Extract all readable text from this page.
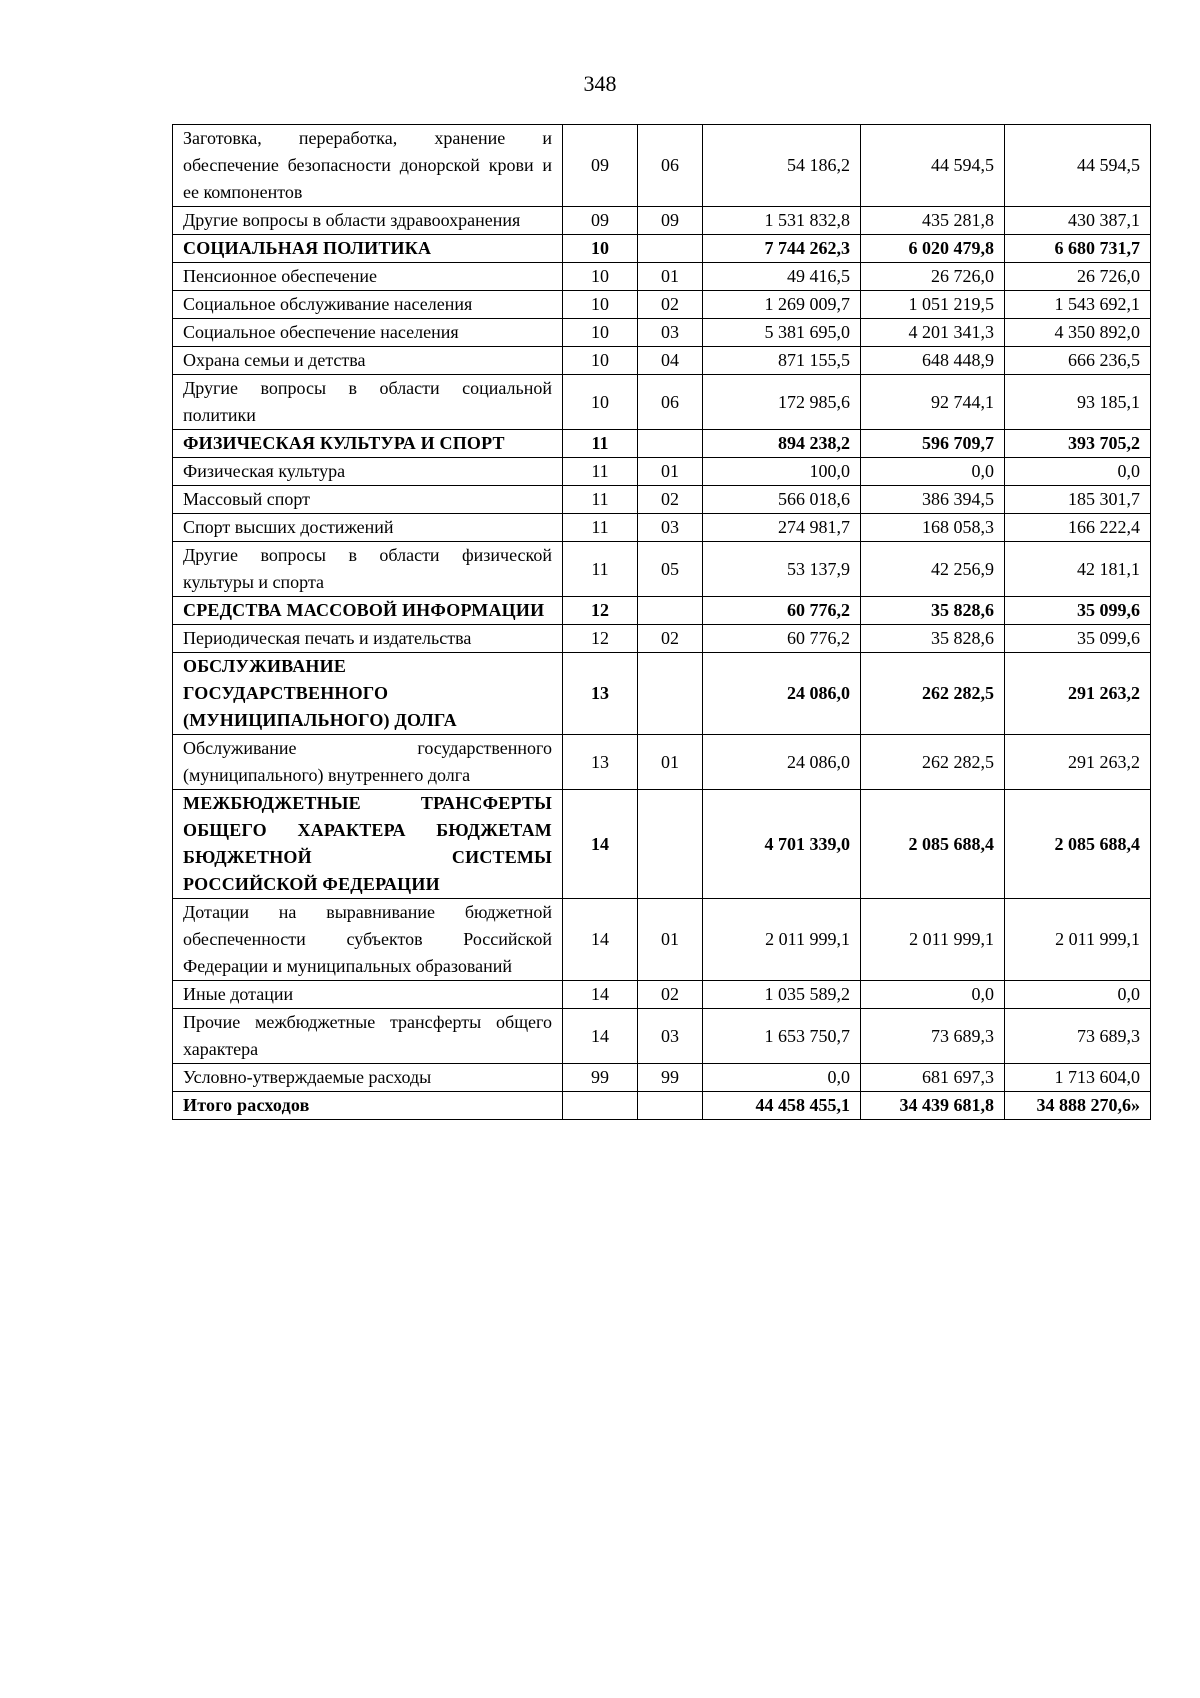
348
Заготовка, переработка, хранение и обеспечение безопасности донорской крови и ее компонентов	09	06	54 186,2	44 594,5	44 594,5
Другие вопросы в области здравоохранения	09	09	1 531 832,8	435 281,8	430 387,1
СОЦИАЛЬНАЯ ПОЛИТИКА	10		7 744 262,3	6 020 479,8	6 680 731,7
Пенсионное обеспечение	10	01	49 416,5	26 726,0	26 726,0
Социальное обслуживание населения	10	02	1 269 009,7	1 051 219,5	1 543 692,1
Социальное обеспечение населения	10	03	5 381 695,0	4 201 341,3	4 350 892,0
Охрана семьи и детства	10	04	871 155,5	648 448,9	666 236,5
Другие вопросы в области социальной политики	10	06	172 985,6	92 744,1	93 185,1
ФИЗИЧЕСКАЯ КУЛЬТУРА И СПОРТ	11		894 238,2	596 709,7	393 705,2
Физическая культура	11	01	100,0	0,0	0,0
Массовый спорт	11	02	566 018,6	386 394,5	185 301,7
Спорт высших достижений	11	03	274 981,7	168 058,3	166 222,4
Другие вопросы в области физической культуры и спорта	11	05	53 137,9	42 256,9	42 181,1
СРЕДСТВА МАССОВОЙ ИНФОРМАЦИИ	12		60 776,2	35 828,6	35 099,6
Периодическая печать и издательства	12	02	60 776,2	35 828,6	35 099,6
ОБСЛУЖИВАНИЕ ГОСУДАРСТВЕННОГО (МУНИЦИПАЛЬНОГО) ДОЛГА	13		24 086,0	262 282,5	291 263,2
Обслуживание государственного (муниципального) внутреннего долга	13	01	24 086,0	262 282,5	291 263,2
МЕЖБЮДЖЕТНЫЕ ТРАНСФЕРТЫ ОБЩЕГО ХАРАКТЕРА БЮДЖЕТАМ БЮДЖЕТНОЙ СИСТЕМЫ РОССИЙСКОЙ ФЕДЕРАЦИИ	14		4 701 339,0	2 085 688,4	2 085 688,4
Дотации на выравнивание бюджетной обеспеченности субъектов Российской Федерации и муниципальных образований	14	01	2 011 999,1	2 011 999,1	2 011 999,1
Иные дотации	14	02	1 035 589,2	0,0	0,0
Прочие межбюджетные трансферты общего характера	14	03	1 653 750,7	73 689,3	73 689,3
Условно-утверждаемые расходы	99	99	0,0	681 697,3	1 713 604,0
Итого расходов			44 458 455,1	34 439 681,8	34 888 270,6»
